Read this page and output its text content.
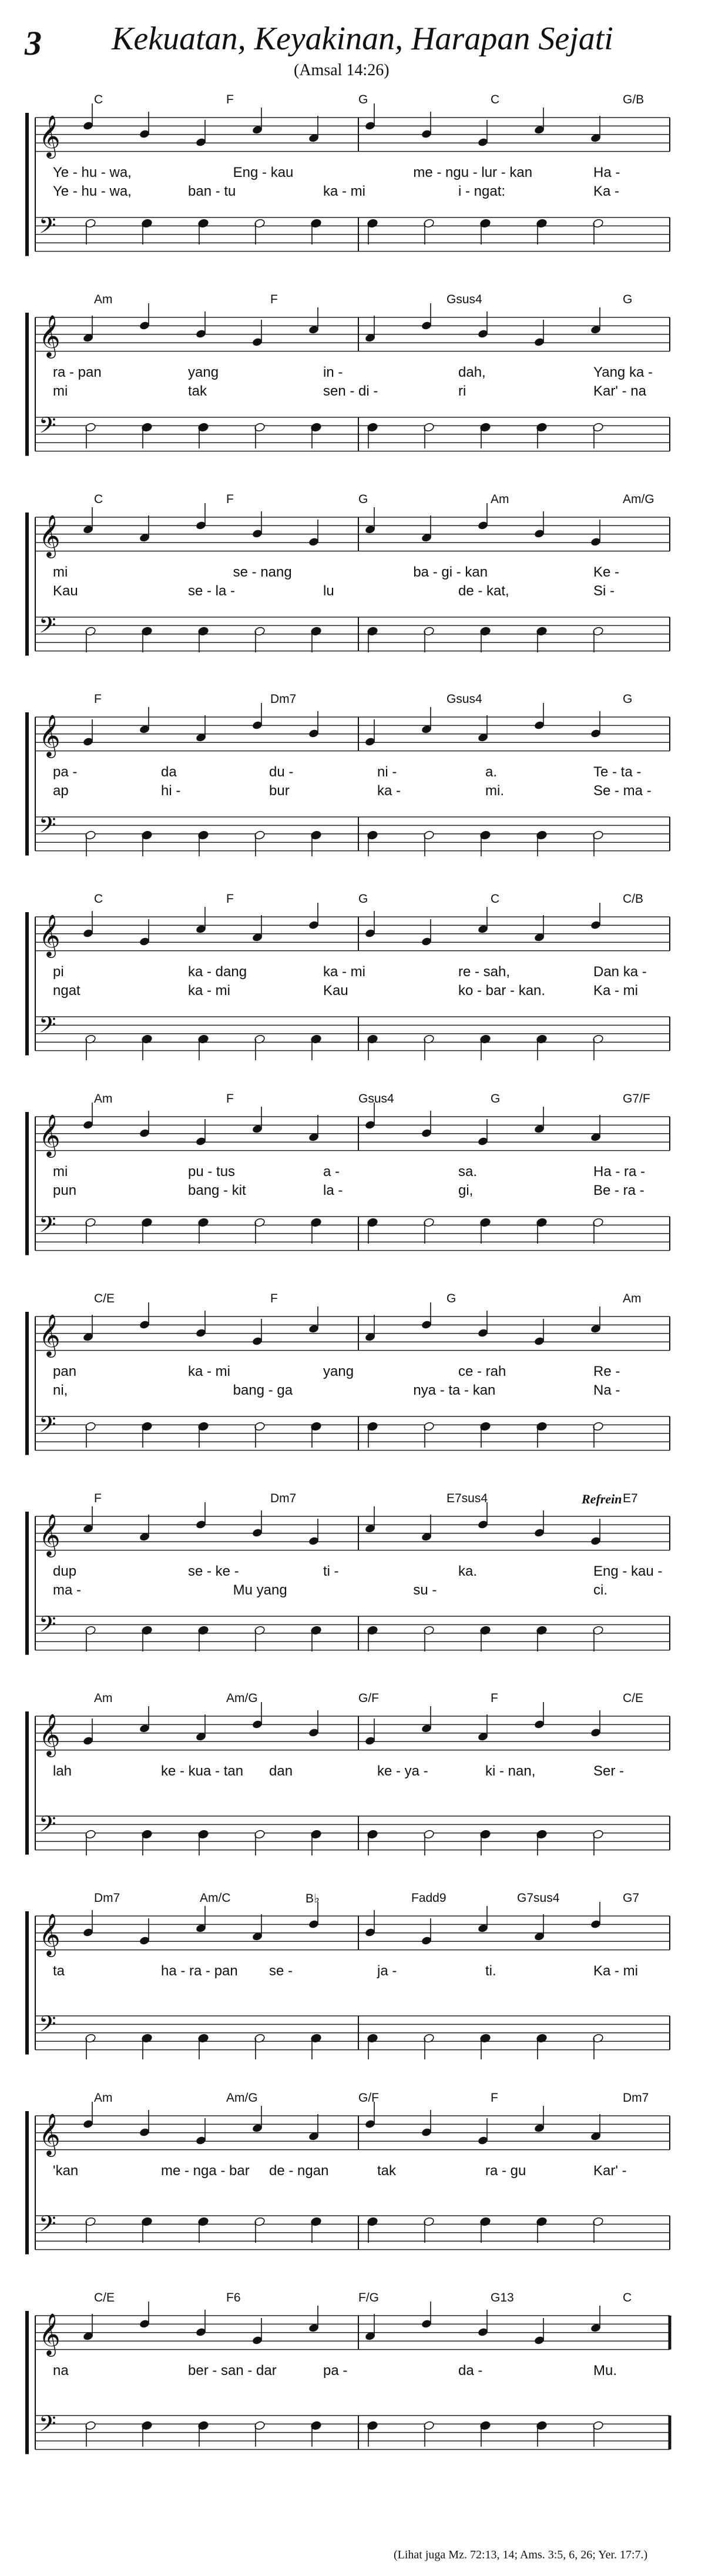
3 Kekuatan, Keyakinan, Harapan Sejati
(Amsal 14:26)
𝄞
𝄢
C	F	G	C	G/B
Ye - hu - wa,	Eng - kau	me - ngu - lur - kan	Ha -
Ye - hu - wa,	ban - tu	ka - mi	i - ngat:	Ka -
𝄞
𝄢
Am	F	Gsus4	G
ra - pan	yang	in -	dah,	Yang ka -
mi	tak	sen - di -	ri	Kar' - na
𝄞
𝄢
C	F	G	Am	Am/G
mi	se - nang	ba - gi - kan	Ke -
Kau	se - la -	lu	de - kat,	Si -
𝄞
𝄢
F	Dm7	Gsus4	G
pa -	da	du -	ni -	a.	Te - ta -
ap	hi -	bur	ka -	mi.	Se - ma -
𝄞
𝄢
C	F	G	C	C/B
pi	ka - dang	ka - mi	re - sah,	Dan ka -
ngat	ka - mi	Kau	ko - bar - kan.	Ka - mi
𝄞
𝄢
Am	F	Gsus4	G	G7/F
mi	pu - tus	a -	sa.	Ha - ra -
pun	bang - kit	la -	gi,	Be - ra -
𝄞
𝄢
C/E	F	G	Am
pan	ka - mi	yang	ce - rah	Re -
ni,	bang - ga	nya - ta - kan	Na -
𝄞
𝄢
F	Dm7	E7sus4	E7
Refrein
dup	se - ke -	ti -	ka.	Eng - kau -
ma -	Mu yang	su -	ci.
𝄞
𝄢
Am	Am/G	G/F	F	C/E
lah	ke - kua - tan dan	ke - ya -	ki - nan,	Ser -
𝄞
𝄢
Dm7	Am/C	B♭	Fadd9	G7sus4	G7
ta	ha - ra - pan se -	ja -	ti.	Ka - mi
𝄞
𝄢
Am	Am/G	G/F	F	Dm7
'kan	me - nga - bar de - ngan	tak	ra - gu	Kar' -
𝄞
𝄢
C/E	F6	F/G	G13	C
na	ber - san - dar	pa -	da -	Mu.
(Lihat juga Mz. 72:13, 14; Ams. 3:5, 6, 26; Yer. 17:7.)
